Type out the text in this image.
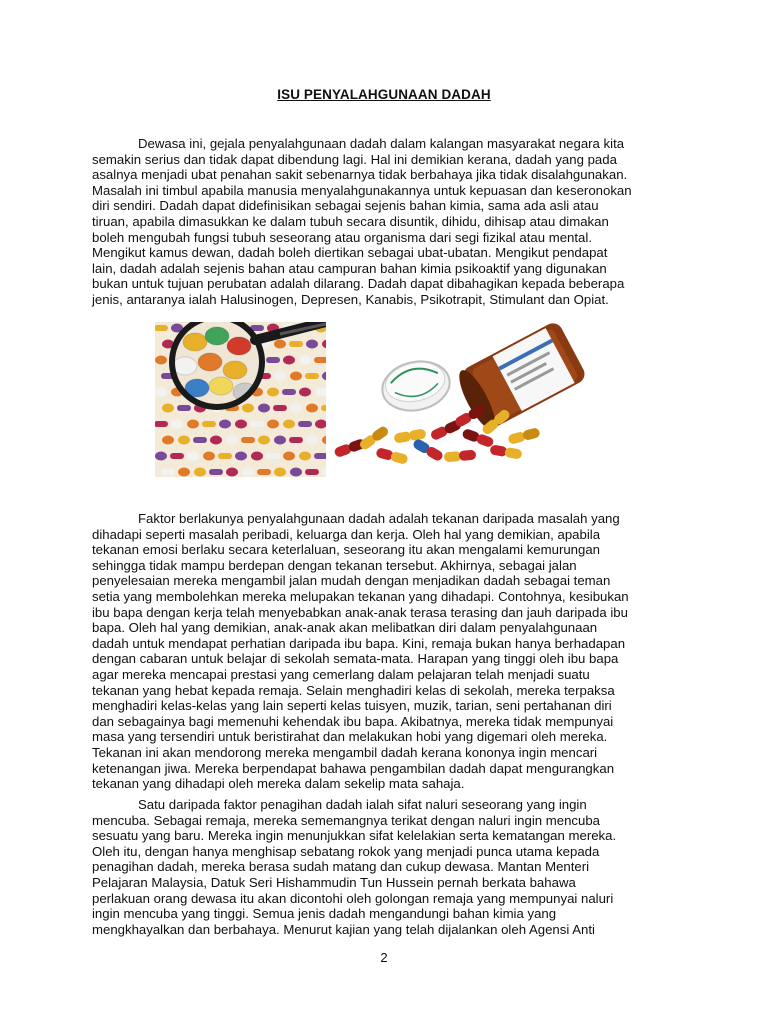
ISU PENYALAHGUNAAN DADAH

Dewasa ini, gejala penyalahgunaan dadah dalam kalangan masyarakat negara kita
semakin serius dan tidak dapat dibendung lagi. Hal ini demikian kerana, dadah yang pada
asalnya menjadi ubat penahan sakit sebenarnya tidak berbahaya jika tidak disalahgunakan.
Masalah ini timbul apabila manusia menyalahgunakannya untuk kepuasan dan keseronokan
diri sendiri. Dadah dapat didefinisikan sebagai sejenis bahan kimia, sama ada asli atau
tiruan, apabila dimasukkan ke dalam tubuh secara disuntik, dihidu, dihisap atau dimakan
boleh mengubah fungsi tubuh seseorang atau organisma dari segi fizikal atau mental.
Mengikut kamus dewan, dadah boleh diertikan sebagai ubat-ubatan. Mengikut pendapat
lain, dadah adalah sejenis bahan atau campuran bahan kimia psikoaktif yang digunakan
bukan untuk tujuan perubatan adalah dilarang. Dadah dapat dibahagikan kepada beberapa
jenis, antaranya ialah Halusinogen, Depresen, Kanabis, Psikotrapit, Stimulant dan Opiat.

Faktor berlakunya penyalahgunaan dadah adalah tekanan daripada masalah yang
dihadapi seperti masalah peribadi, keluarga dan kerja. Oleh hal yang demikian, apabila
tekanan emosi berlaku secara keterlaluan, seseorang itu akan mengalami kemurungan
sehingga tidak mampu berdepan dengan tekanan tersebut. Akhirnya, sebagai jalan
penyelesaian mereka mengambil jalan mudah dengan menjadikan dadah sebagai teman
setia yang membolehkan mereka melupakan tekanan yang dihadapi. Contohnya, kesibukan
ibu bapa dengan kerja telah menyebabkan anak-anak terasa terasing dan jauh daripada ibu
bapa. Oleh hal yang demikian, anak-anak akan melibatkan diri dalam penyalahgunaan
dadah untuk mendapat perhatian daripada ibu bapa. Kini, remaja bukan hanya berhadapan
dengan cabaran untuk belajar di sekolah semata-mata. Harapan yang tinggi oleh ibu bapa
agar mereka mencapai prestasi yang cemerlang dalam pelajaran telah menjadi suatu
tekanan yang hebat kepada remaja. Selain menghadiri kelas di sekolah, mereka terpaksa
menghadiri kelas-kelas yang lain seperti kelas tuisyen, muzik, tarian, seni pertahanan diri
dan sebagainya bagi memenuhi kehendak ibu bapa. Akibatnya, mereka tidak mempunyai
masa yang tersendiri untuk beristirahat dan melakukan hobi yang digemari oleh mereka.
Tekanan ini akan mendorong mereka mengambil dadah kerana kononya ingin mencari
ketenangan jiwa. Mereka berpendapat bahawa pengambilan dadah dapat mengurangkan
tekanan yang dihadapi oleh mereka dalam sekelip mata sahaja.

Satu daripada faktor penagihan dadah ialah sifat naluri seseorang yang ingin
mencuba. Sebagai remaja, mereka sememangnya terikat dengan naluri ingin mencuba
sesuatu yang baru. Mereka ingin menunjukkan sifat kelelakian serta kematangan mereka.
Oleh itu, dengan hanya menghisap sebatang rokok yang menjadi punca utama kepada
penagihan dadah, mereka berasa sudah matang dan cukup dewasa. Mantan Menteri
Pelajaran Malaysia, Datuk Seri Hishammudin Tun Hussein pernah berkata bahawa
perlakuan orang dewasa itu akan dicontohi oleh golongan remaja yang mempunyai naluri
ingin mencuba yang tinggi. Semua jenis dadah mengandungi bahan kimia yang
mengkhayalkan dan berbahaya. Menurut kajian yang telah dijalankan oleh Agensi Anti

2
